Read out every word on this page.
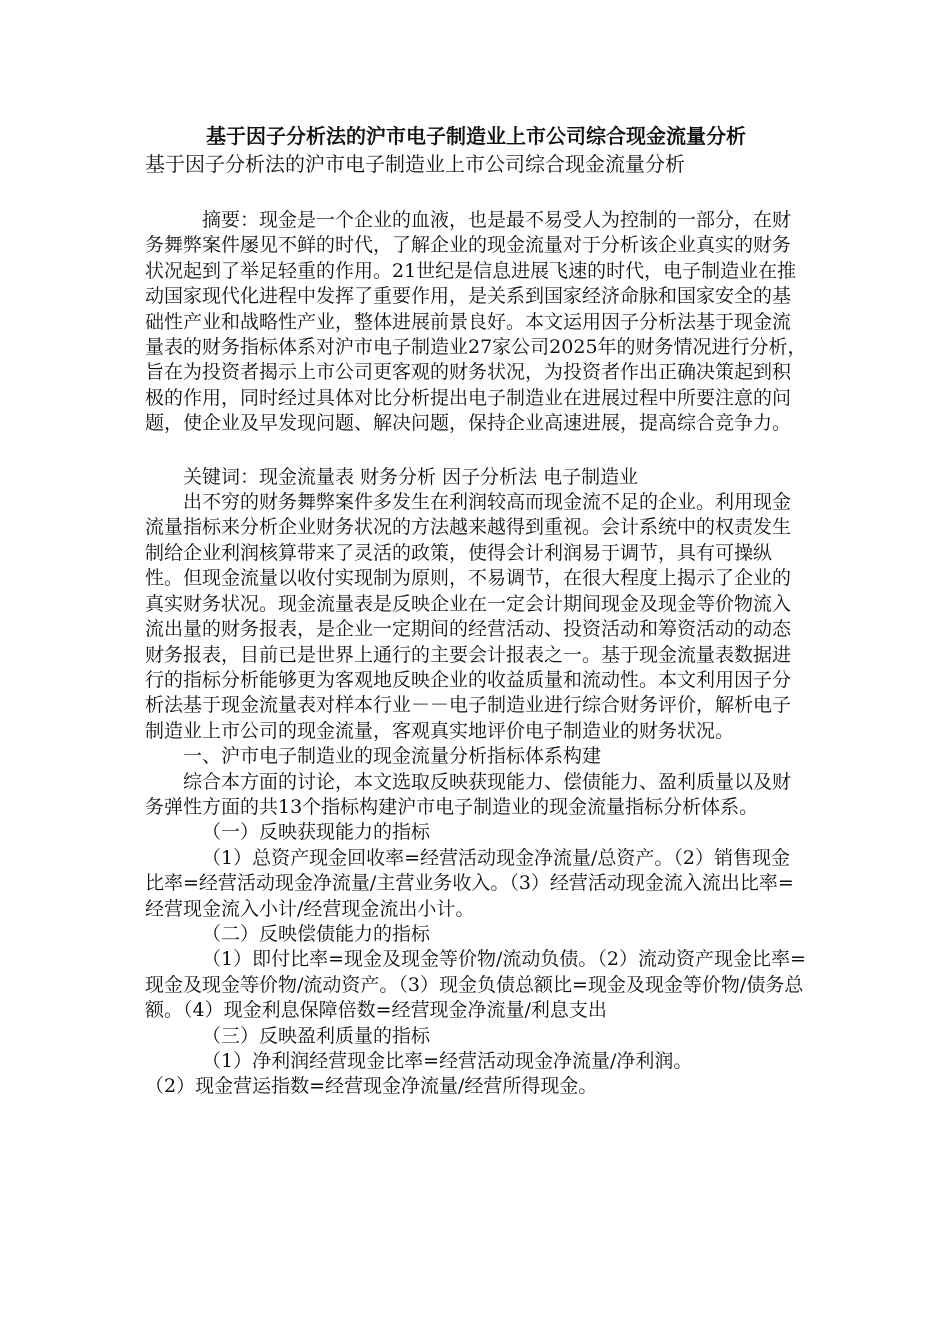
基于因子分析法的沪市电子制造业上市公司综合现金流量分析
基于因子分析法的沪市电子制造业上市公司综合现金流量分析

摘要：现金是一个企业的血液，也是最不易受人为控制的一部分，在财务舞弊案件屡见不鲜的时代，了解企业的现金流量对于分析该企业真实的财务状况起到了举足轻重的作用。21世纪是信息进展飞速的时代，电子制造业在推动国家现代化进程中发挥了重要作用，是关系到国家经济命脉和国家安全的基础性产业和战略性产业，整体进展前景良好。本文运用因子分析法基于现金流量表的财务指标体系对沪市电子制造业27家公司2025年的财务情况进行分析，旨在为投资者揭示上市公司更客观的财务状况，为投资者作出正确决策起到积极的作用，同时经过具体对比分析提出电子制造业在进展过程中所要注意的问题，使企业及早发现问题、解决问题，保持企业高速进展，提高综合竞争力。

关键词：现金流量表 财务分析 因子分析法 电子制造业

出不穷的财务舞弊案件多发生在利润较高而现金流不足的企业。利用现金流量指标来分析企业财务状况的方法越来越得到重视。会计系统中的权责发生制给企业利润核算带来了灵活的政策，使得会计利润易于调节，具有可操纵性。但现金流量以收付实现制为原则，不易调节，在很大程度上揭示了企业的真实财务状况。现金流量表是反映企业在一定会计期间现金及现金等价物流入流出量的财务报表，是企业一定期间的经营活动、投资活动和筹资活动的动态财务报表，目前已是世界上通行的主要会计报表之一。基于现金流量表数据进行的指标分析能够更为客观地反映企业的收益质量和流动性。本文利用因子分析法基于现金流量表对样本行业－－电子制造业进行综合财务评价，解析电子制造业上市公司的现金流量，客观真实地评价电子制造业的财务状况。

一、沪市电子制造业的现金流量分析指标体系构建

综合本方面的讨论，本文选取反映获现能力、偿债能力、盈利质量以及财务弹性方面的共13个指标构建沪市电子制造业的现金流量指标分析体系。

（一）反映获现能力的指标

（1）总资产现金回收率=经营活动现金净流量/总资产。（2）销售现金比率=经营活动现金净流量/主营业务收入。（3）经营活动现金流入流出比率=经营现金流入小计/经营现金流出小计。

（二）反映偿债能力的指标

（1）即付比率=现金及现金等价物/流动负债。（2）流动资产现金比率=现金及现金等价物/流动资产。（3）现金负债总额比=现金及现金等价物/债务总额。（4）现金利息保障倍数=经营现金净流量/利息支出

（三）反映盈利质量的指标

（1）净利润经营现金比率=经营活动现金净流量/净利润。
（2）现金营运指数=经营现金净流量/经营所得现金。
